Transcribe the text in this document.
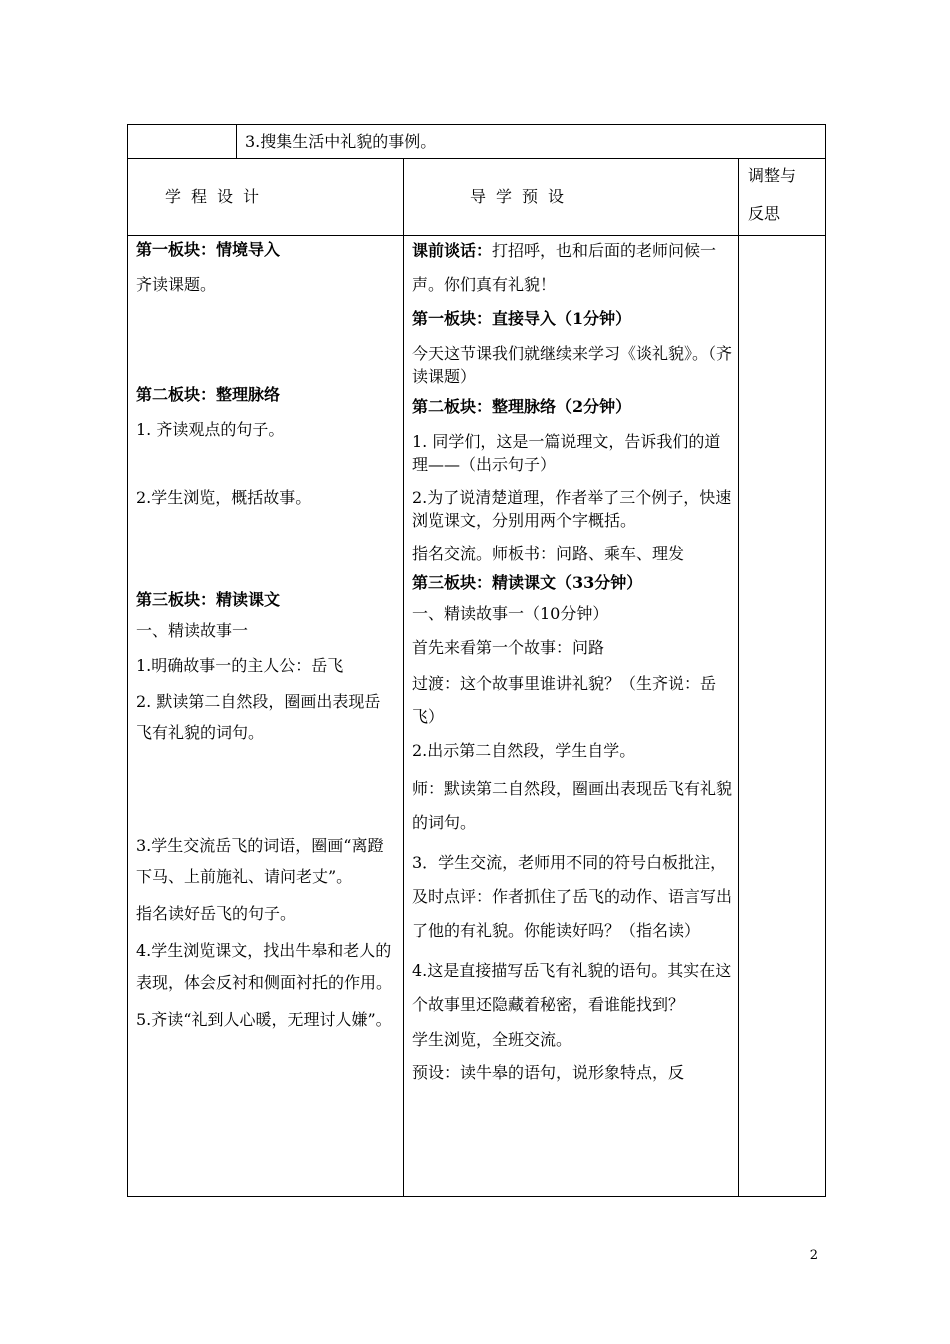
3.搜集生活中礼貌的事例。
学程设计	导学预设
调整与
反思

第一板块：情境导入

齐读课题。

第二板块：整理脉络

1. 齐读观点的句子。

2.学生浏览，概括故事。

第三板块：精读课文

一、精读故事一

1.明确故事一的主人公：岳飞

2. 默读第二自然段，圈画出表现岳飞有礼貌的词句。

3.学生交流岳飞的词语，圈画“离蹬下马、上前施礼、请问老丈”。

指名读好岳飞的句子。

4.学生浏览课文，找出牛皋和老人的表现，体会反衬和侧面衬托的作用。

5.齐读“礼到人心暖，无理讨人嫌”。

课前谈话：打招呼，也和后面的老师问候一声。你们真有礼貌！

第一板块：直接导入（1分钟）

今天这节课我们就继续来学习《谈礼貌》。（齐读课题）

第二板块：整理脉络（2分钟）

1. 同学们，这是一篇说理文，告诉我们的道理——（出示句子）

2.为了说清楚道理，作者举了三个例子，快速浏览课文，分别用两个字概括。

指名交流。师板书：问路、乘车、理发

第三板块：精读课文（33分钟）

一、精读故事一（10分钟）

首先来看第一个故事：问路

过渡：这个故事里谁讲礼貌？（生齐说：岳飞）

2.出示第二自然段，学生自学。

师：默读第二自然段，圈画出表现岳飞有礼貌的词句。

3．学生交流，老师用不同的符号白板批注，及时点评：作者抓住了岳飞的动作、语言写出了他的有礼貌。你能读好吗？（指名读）

4.这是直接描写岳飞有礼貌的语句。其实在这个故事里还隐藏着秘密，看谁能找到？

学生浏览，全班交流。

预设：读牛皋的语句，说形象特点，反

2
